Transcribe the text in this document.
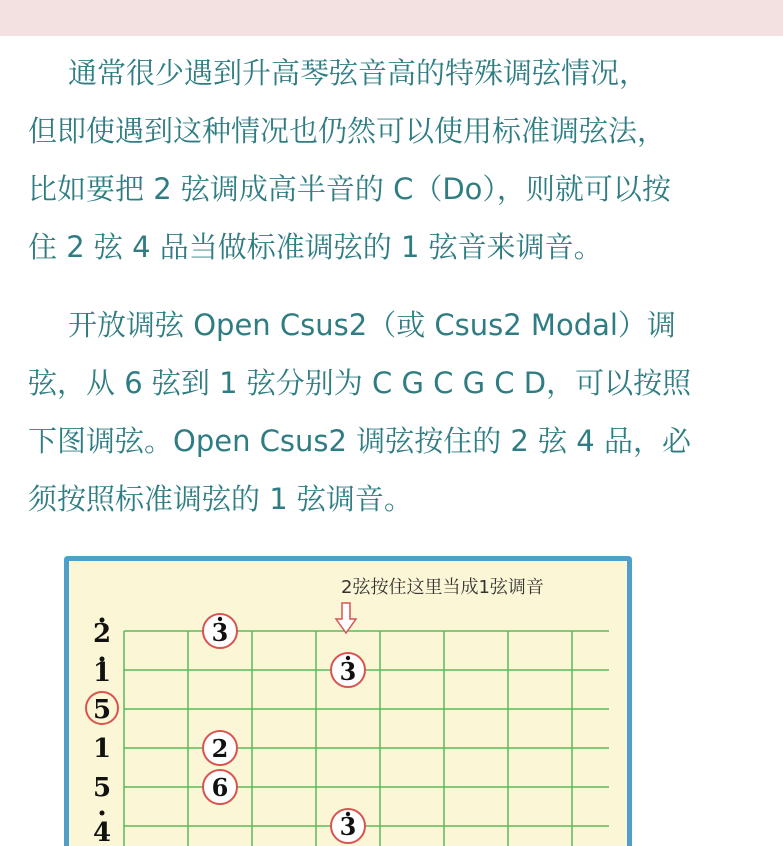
通常很少遇到升高琴弦音高的特殊调弦情况，
但即使遇到这种情况也仍然可以使用标准调弦法，
比如要把 2 弦调成高半音的 C（Do），则就可以按
住 2 弦 4 品当做标准调弦的 1 弦音来调音。
开放调弦 Open Csus2（或 Csus2 Modal）调
弦，从 6 弦到 1 弦分别为 C G C G C D，可以按照
下图调弦。Open Csus2 调弦按住的 2 弦 4 品，必
须按照标准调弦的 1 弦调音。
2弦按住这里当成1弦调音
2
1
5
1
5
4
3
3
2
6
3
